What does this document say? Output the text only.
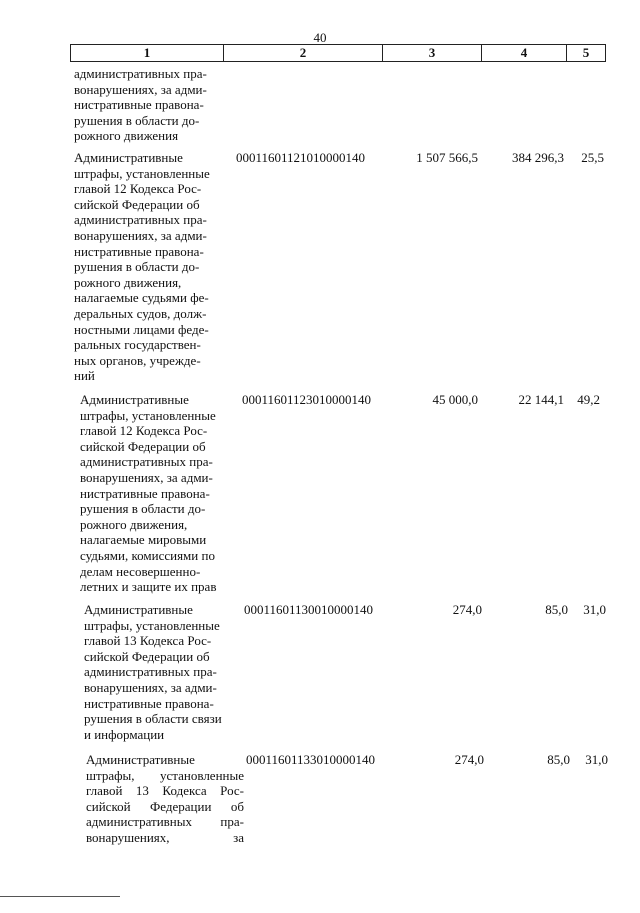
40
1	2	3	4	5
административных пра-
вонарушениях, за адми-
нистративные правона-
рушения в области до-
рожного движения
Административные
штрафы, установленные
главой 12 Кодекса Рос-
сийской Федерации об
административных пра-
вонарушениях, за адми-
нистративные правона-
рушения в области до-
рожного движения,
налагаемые судьями фе-
деральных судов, долж-
ностными лицами феде-
ральных государствен-
ных органов, учрежде-
ний
00011601121010000140	1 507 566,5	384 296,3	25,5
Административные
штрафы, установленные
главой 12 Кодекса Рос-
сийской Федерации об
административных пра-
вонарушениях, за адми-
нистративные правона-
рушения в области до-
рожного движения,
налагаемые мировыми
судьями, комиссиями по
делам несовершенно-
летних и защите их прав
00011601123010000140	45 000,0	22 144,1	49,2
Административные
штрафы, установленные
главой 13 Кодекса Рос-
сийской Федерации об
административных пра-
вонарушениях, за адми-
нистративные правона-
рушения в области связи
и информации
00011601130010000140	274,0	85,0	31,0
Административные
штрафы, установленные
главой 13 Кодекса Рос-
сийской Федерации об
административных пра-
вонарушениях, за
00011601133010000140	274,0	85,0	31,0
